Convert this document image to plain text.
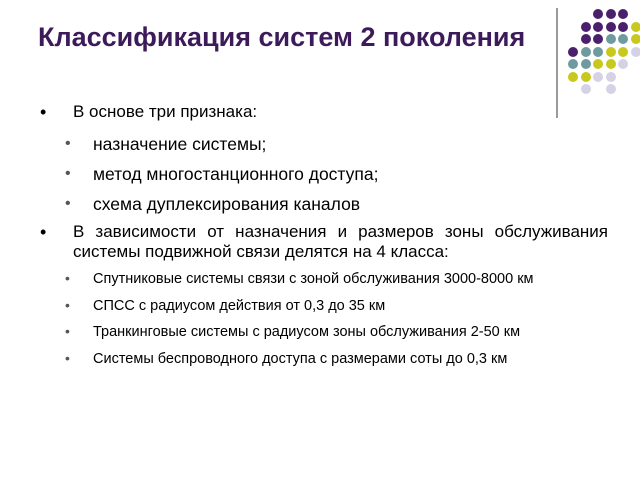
Классификация систем 2 поколения
• В основе три признака:
• назначение системы;
• метод многостанционного доступа;
• схема дуплексирования каналов
• В зависимости от назначения и размеров зоны обслуживания системы подвижной связи делятся на 4 класса:
• Спутниковые системы связи с зоной обслуживания 3000-8000 км
• СПСС с радиусом действия от 0,3 до 35 км
• Транкинговые системы с радиусом зоны обслуживания 2-50 км
• Системы беспроводного доступа с размерами соты до 0,3 км
